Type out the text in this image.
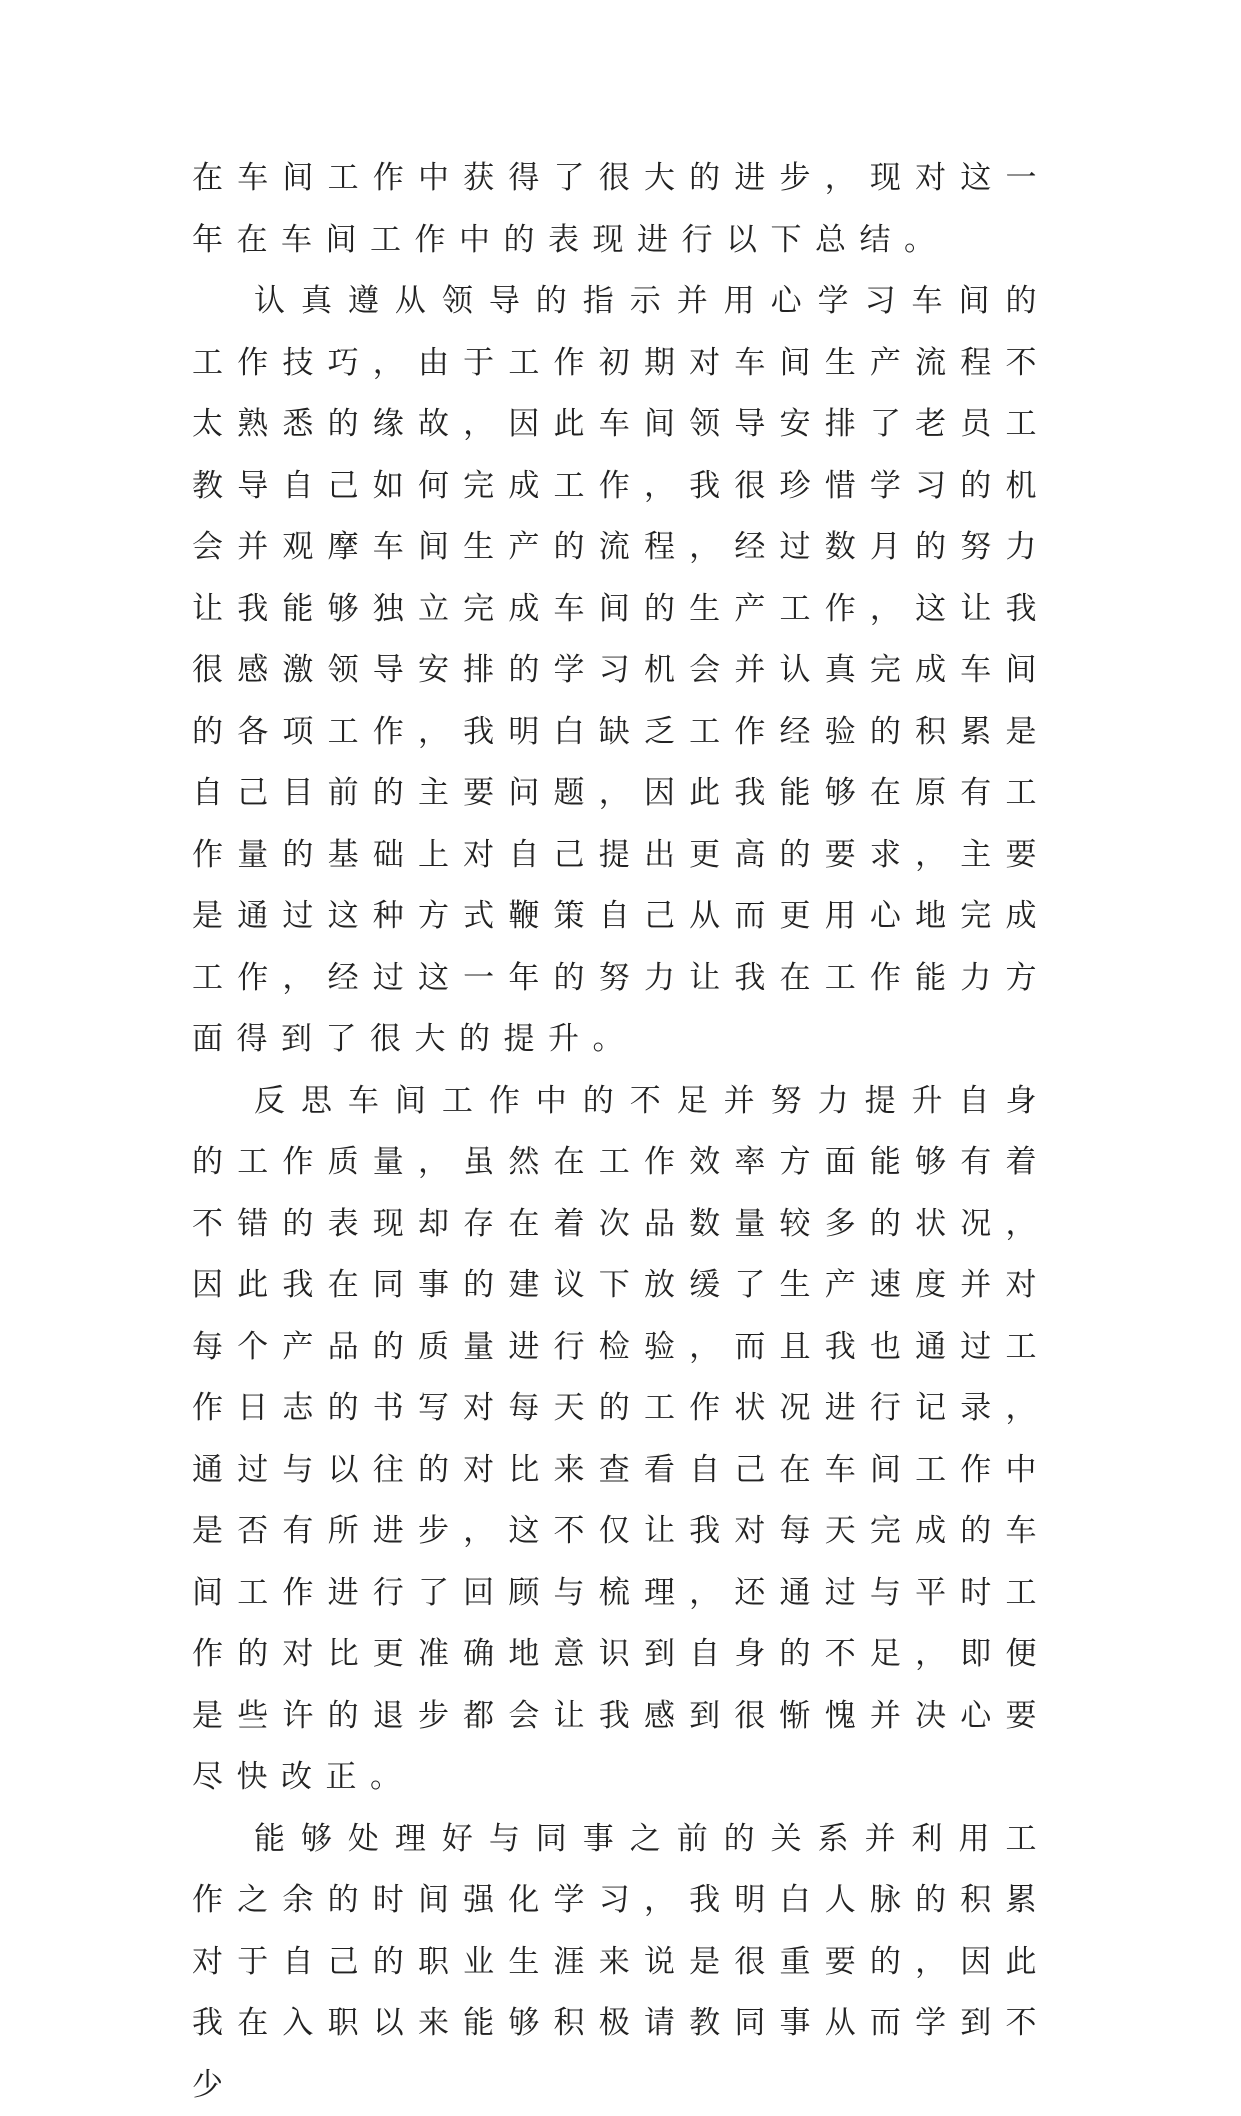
在车间工作中获得了很大的进步，现对这一年在车间工作中的表现进行以下总结。

认真遵从领导的指示并用心学习车间的工作技巧，由于工作初期对车间生产流程不太熟悉的缘故，因此车间领导安排了老员工教导自己如何完成工作，我很珍惜学习的机会并观摩车间生产的流程，经过数月的努力让我能够独立完成车间的生产工作，这让我很感激领导安排的学习机会并认真完成车间的各项工作，我明白缺乏工作经验的积累是自己目前的主要问题，因此我能够在原有工作量的基础上对自己提出更高的要求，主要是通过这种方式鞭策自己从而更用心地完成工作，经过这一年的努力让我在工作能力方面得到了很大的提升。

反思车间工作中的不足并努力提升自身的工作质量，虽然在工作效率方面能够有着不错的表现却存在着次品数量较多的状况，因此我在同事的建议下放缓了生产速度并对每个产品的质量进行检验，而且我也通过工作日志的书写对每天的工作状况进行记录，通过与以往的对比来查看自己在车间工作中是否有所进步，这不仅让我对每天完成的车间工作进行了回顾与梳理，还通过与平时工作的对比更准确地意识到自身的不足，即便是些许的退步都会让我感到很惭愧并决心要尽快改正。

能够处理好与同事之前的关系并利用工作之余的时间强化学习，我明白人脉的积累对于自己的职业生涯来说是很重要的，因此我在入职以来能够积极请教同事从而学到不少
